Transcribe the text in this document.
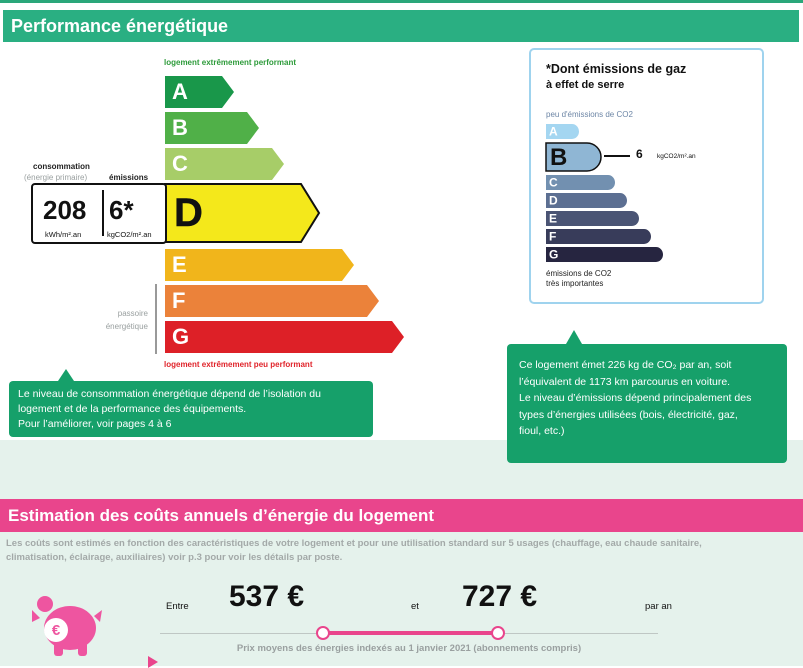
Performance énergétique
logement extrêmement performant
A
B
C
D
E
F
G
logement extrêmement peu performant
consommation
(énergie primaire)	émissions
208
kWh/m².an
6*
kgCO2/m².an
passoire
énergétique
*Dont émissions de gaz
à effet de serre
peu d'émissions de CO2
A
B
C
D
E
F
G
6 kgCO2/m².an
émissions de CO2
très importantes
Le niveau de consommation énergétique dépend de l’isolation du
logement et de la performance des équipements.
Pour l’améliorer, voir pages 4 à 6
Ce logement émet 226 kg de CO₂ par an, soit
l’équivalent de 1173 km parcourus en voiture.
Le niveau d’émissions dépend principalement des
types d’énergies utilisées (bois, électricité, gaz,
fioul, etc.)
Estimation des coûts annuels d’énergie du logement
Les coûts sont estimés en fonction des caractéristiques de votre logement et pour une utilisation standard sur 5 usages (chauffage, eau chaude sanitaire,
climatisation, éclairage, auxiliaires) voir p.3 pour voir les détails par poste.
€
Entre 537 €	et 727 €	par an
Prix moyens des énergies indexés au 1 janvier 2021 (abonnements compris)
